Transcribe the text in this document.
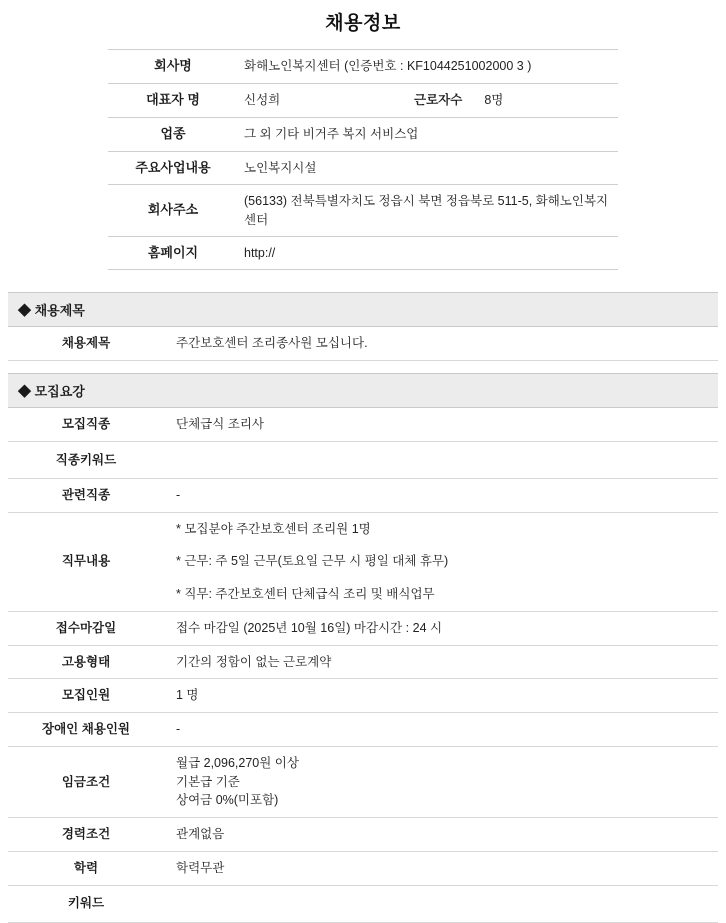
채용정보
회사명	화해노인복지센터 (인증번호 : KF1044251002000 3 )
대표자 명	신성희 근로자수 8명

업종	그 외 기타 비거주 복지 서비스업
주요사업내용	노인복지시설
회사주소	(56133) 전북특별자치도 정읍시 북면 정읍북로 511-5, 화해노인복지센터
홈페이지	http://
◆ 채용제목
채용제목	주간보호센터 조리종사원 모십니다.
◆ 모집요강
모집직종	단체급식 조리사
직종키워드	
관련직종	-
직무내용	* 모집분야 주간보호센터 조리원 1명

* 근무: 주 5일 근무(토요일 근무 시 평일 대체 휴무)

* 직무: 주간보호센터 단체급식 조리 및 배식업무

접수마감일	접수 마감일 (2025년 10월 16일) 마감시간 : 24 시
고용형태	기간의 정함이 없는 근로계약
모집인원	1 명
장애인 채용인원	-
임금조건	월급 2,096,270원 이상
기본급 기준
상여금 0%(미포함)

경력조건	관계없음
학력	학력무관
키워드	
